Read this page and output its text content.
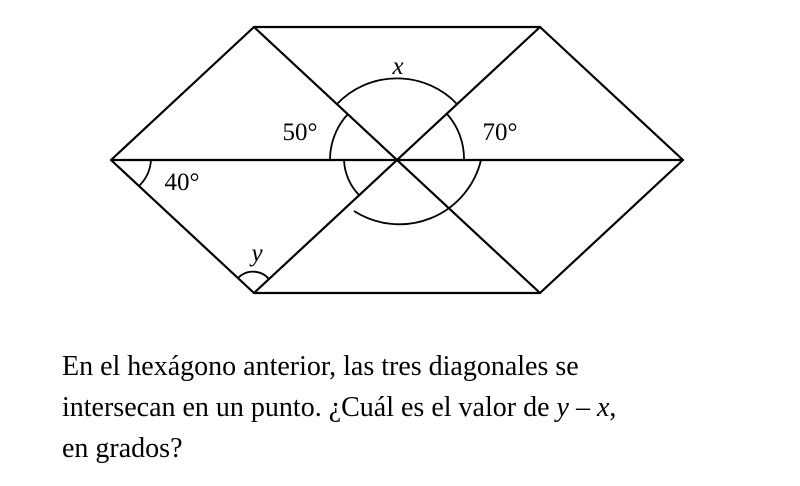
x
50°	70°
40°
y
En el hexágono anterior, las tres diagonales se
intersecan en un punto. ¿Cuál es el valor de y – x,
en grados?
